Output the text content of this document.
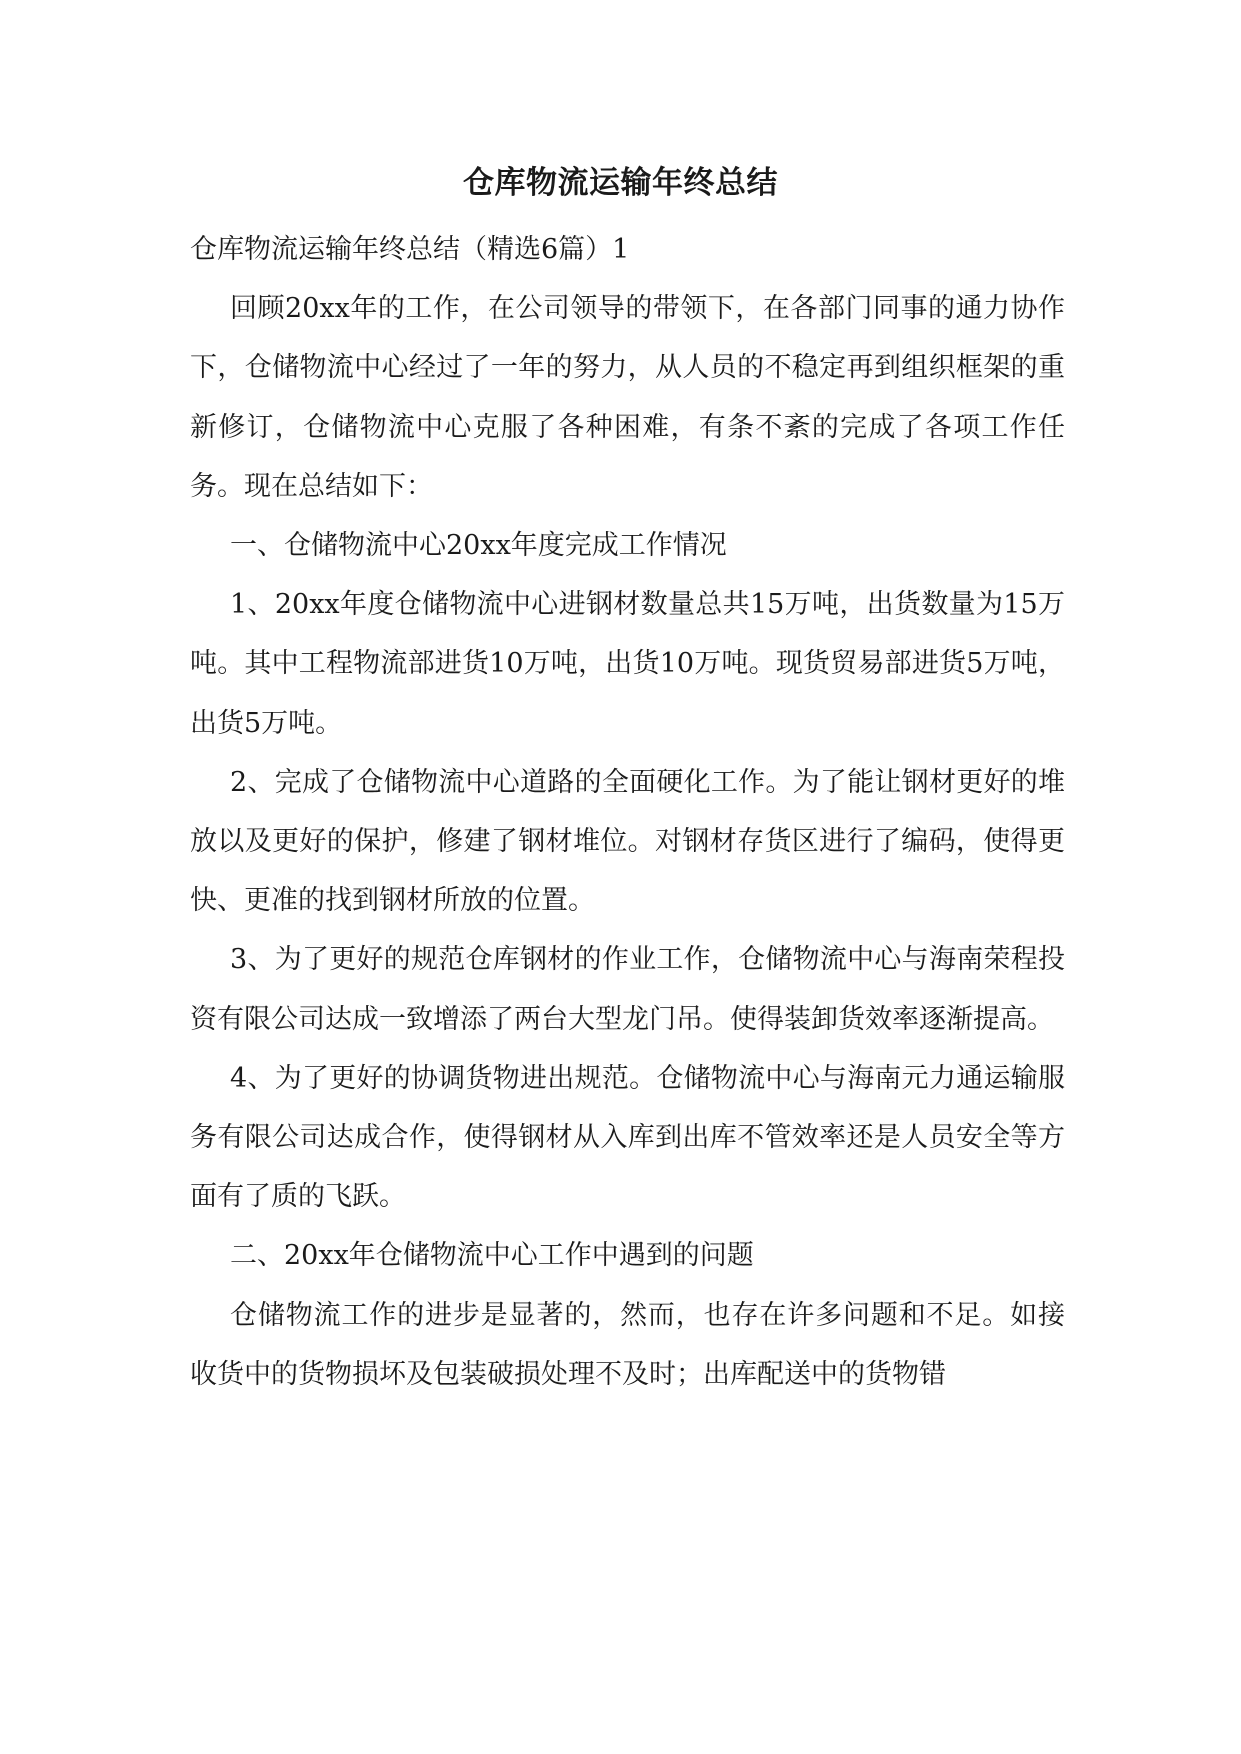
仓库物流运输年终总结

仓库物流运输年终总结（精选6篇）1

回顾20xx年的工作，在公司领导的带领下，在各部门同事的通力协作下，仓储物流中心经过了一年的努力，从人员的不稳定再到组织框架的重新修订，仓储物流中心克服了各种困难，有条不紊的完成了各项工作任务。现在总结如下：

一、仓储物流中心20xx年度完成工作情况

1、20xx年度仓储物流中心进钢材数量总共15万吨，出货数量为15万吨。其中工程物流部进货10万吨，出货10万吨。现货贸易部进货5万吨，出货5万吨。

2、完成了仓储物流中心道路的全面硬化工作。为了能让钢材更好的堆放以及更好的保护，修建了钢材堆位。对钢材存货区进行了编码，使得更快、更准的找到钢材所放的位置。

3、为了更好的规范仓库钢材的作业工作，仓储物流中心与海南荣程投资有限公司达成一致增添了两台大型龙门吊。使得装卸货效率逐渐提高。

4、为了更好的协调货物进出规范。仓储物流中心与海南元力通运输服务有限公司达成合作，使得钢材从入库到出库不管效率还是人员安全等方面有了质的飞跃。

二、20xx年仓储物流中心工作中遇到的问题

仓储物流工作的进步是显著的，然而，也存在许多问题和不足。如接收货中的货物损坏及包装破损处理不及时；出库配送中的货物错
